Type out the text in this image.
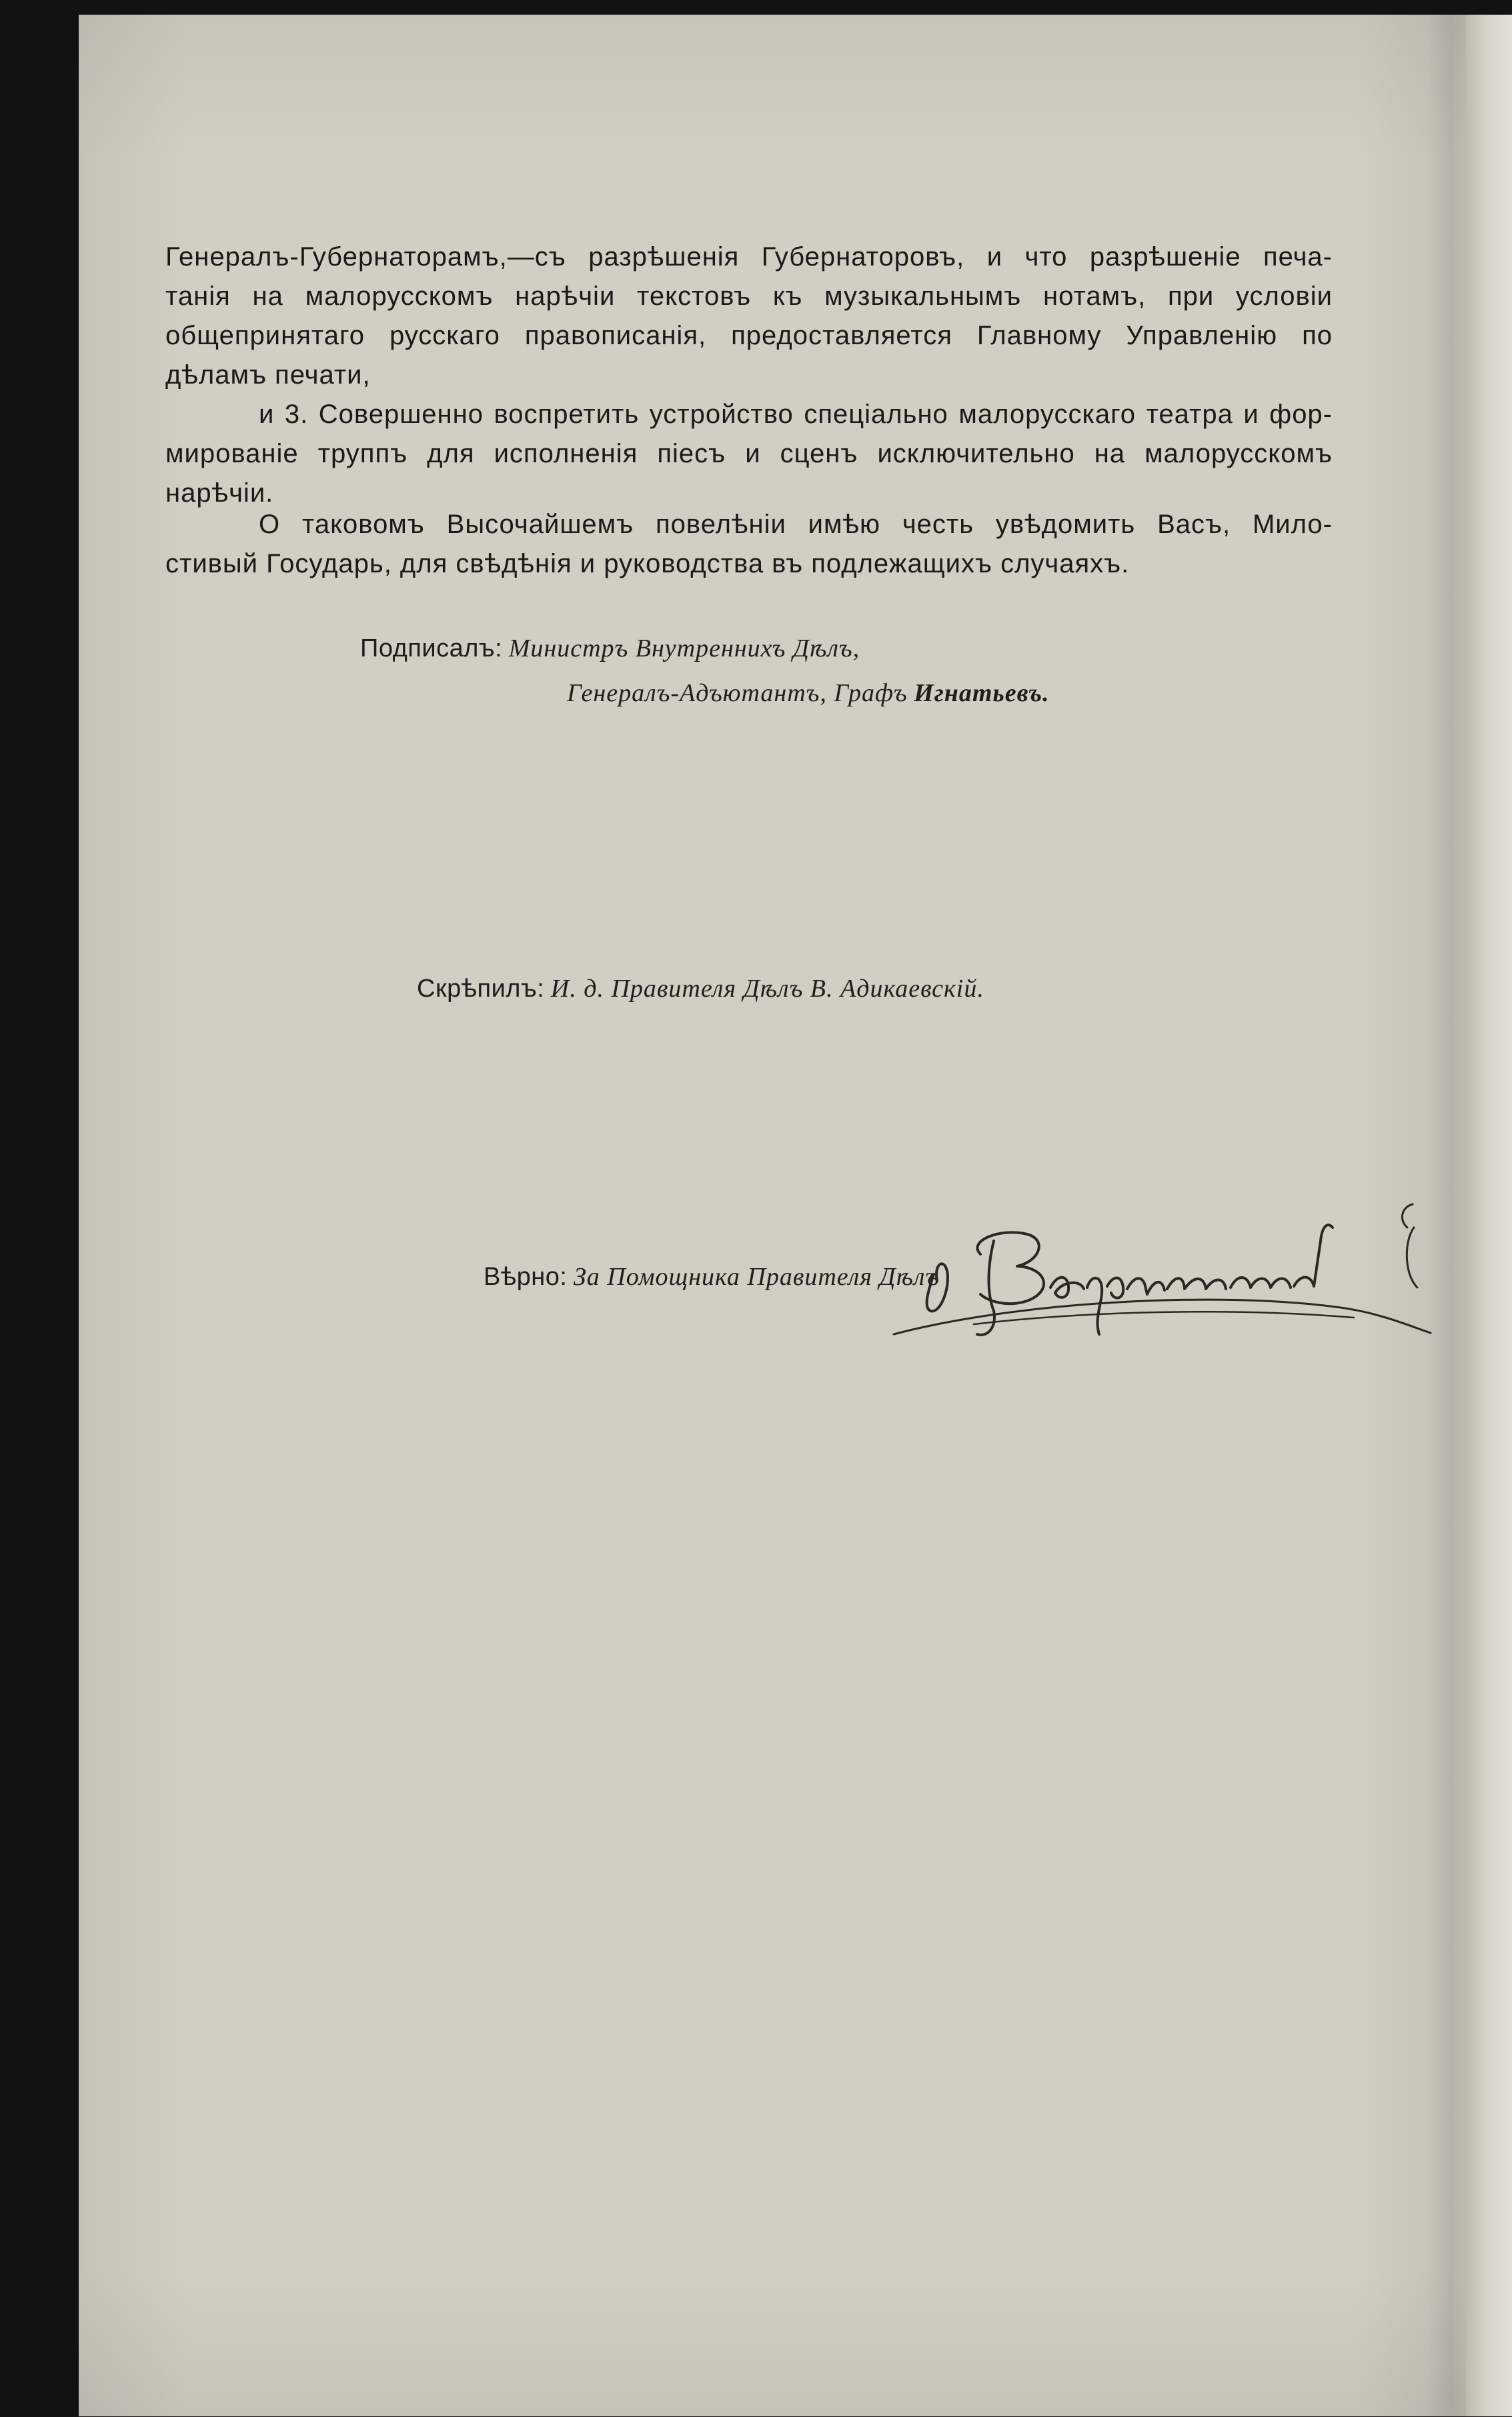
Генералъ-Губернаторамъ,—съ разрѣшенія Губернаторовъ, и что разрѣшеніе печа-
танія на малорусскомъ нарѣчіи текстовъ къ музыкальнымъ нотамъ, при условіи
общепринятаго русскаго правописанія, предоставляется Главному Управленію по
дѣламъ печати,
и 3. Совершенно воспретить устройство спеціально малорусскаго театра и фор-
мированіе труппъ для исполненія піесъ и сценъ исключительно на малорусскомъ
нарѣчіи.
О таковомъ Высочайшемъ повелѣніи имѣю честь увѣдомить Васъ, Мило-
стивый Государь, для свѣдѣнія и руководства въ подлежащихъ случаяхъ.
Подписалъ: Министръ Внутреннихъ Дѣлъ,
Генералъ-Адъютантъ, Графъ Игнатьевъ.
Скрѣпилъ: И. д. Правителя Дѣлъ В. Адикаевскій.
Вѣрно: За Помощника Правителя Дѣлъ
